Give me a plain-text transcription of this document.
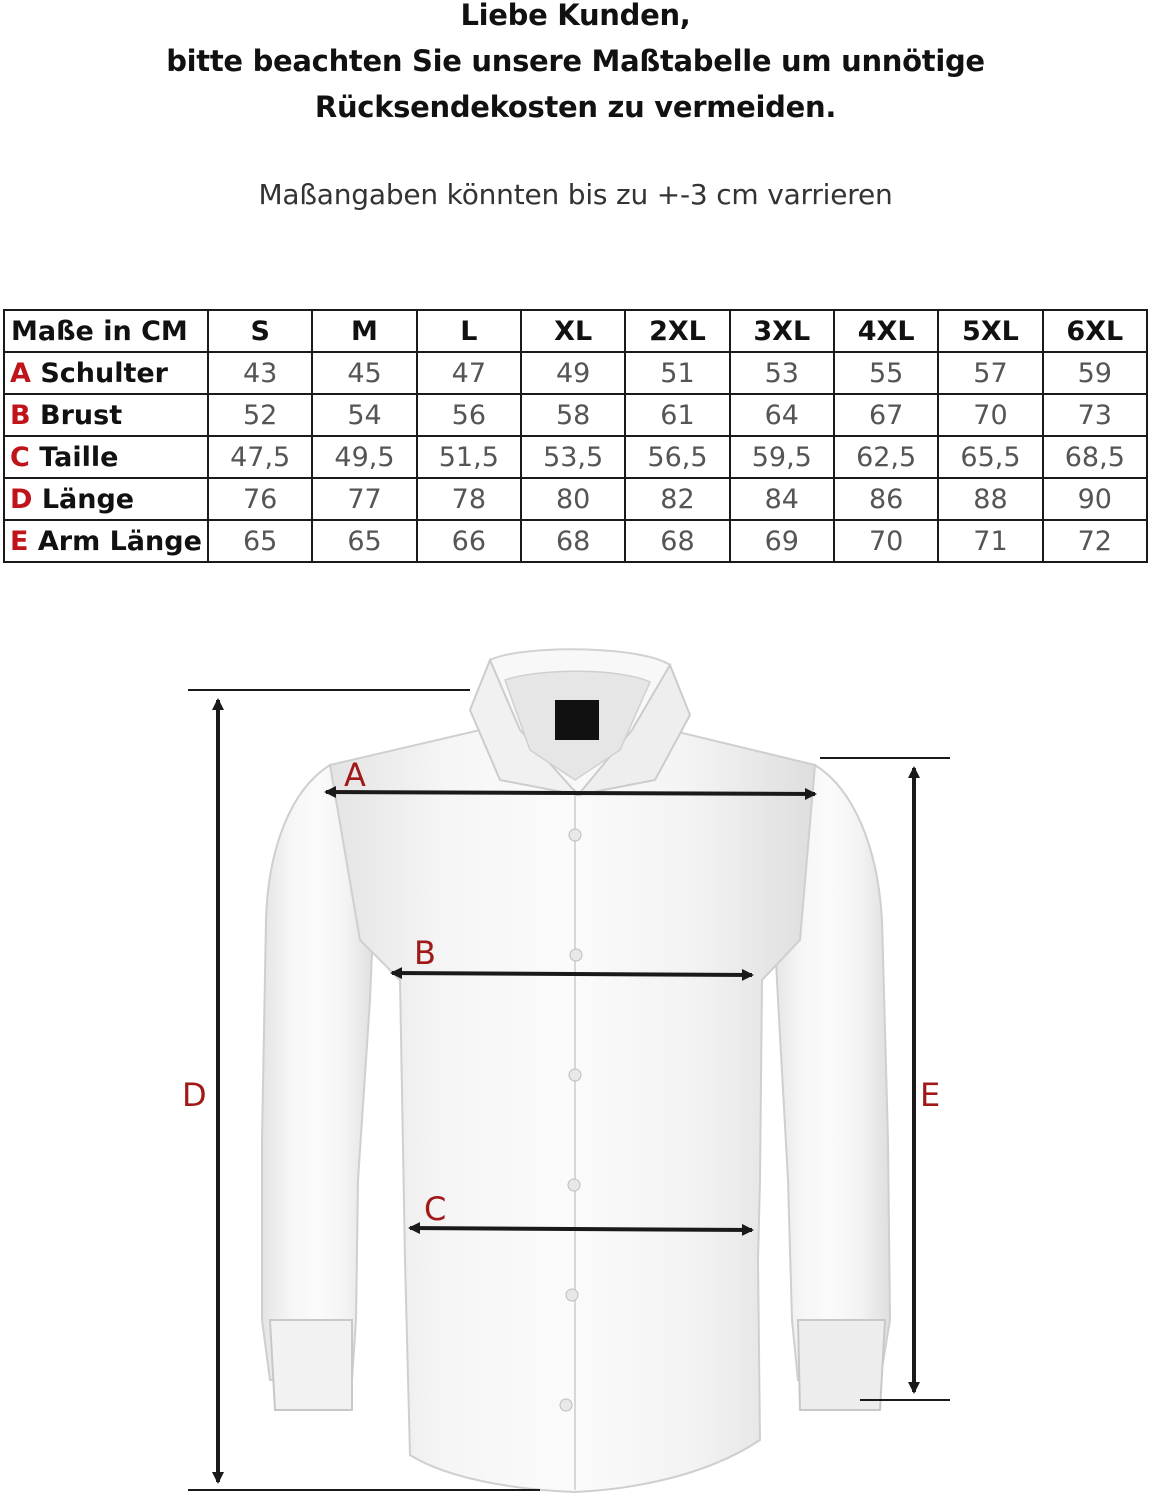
Liebe Kunden,
bitte beachten Sie unsere Maßtabelle um unnötige
Rücksendekosten zu vermeiden.
Maßangaben könnten bis zu +-3 cm varrieren
Maße in CM	S	M	L	XL	2XL	3XL	4XL	5XL	6XL
A Schulter	43	45	47	49	51	53	55	57	59
B Brust	52	54	56	58	61	64	67	70	73
C Taille	47,5	49,5	51,5	53,5	56,5	59,5	62,5	65,5	68,5
D Länge	76	77	78	80	82	84	86	88	90
E Arm Länge	65	65	66	68	68	69	70	71	72
A
B
C
D	E
